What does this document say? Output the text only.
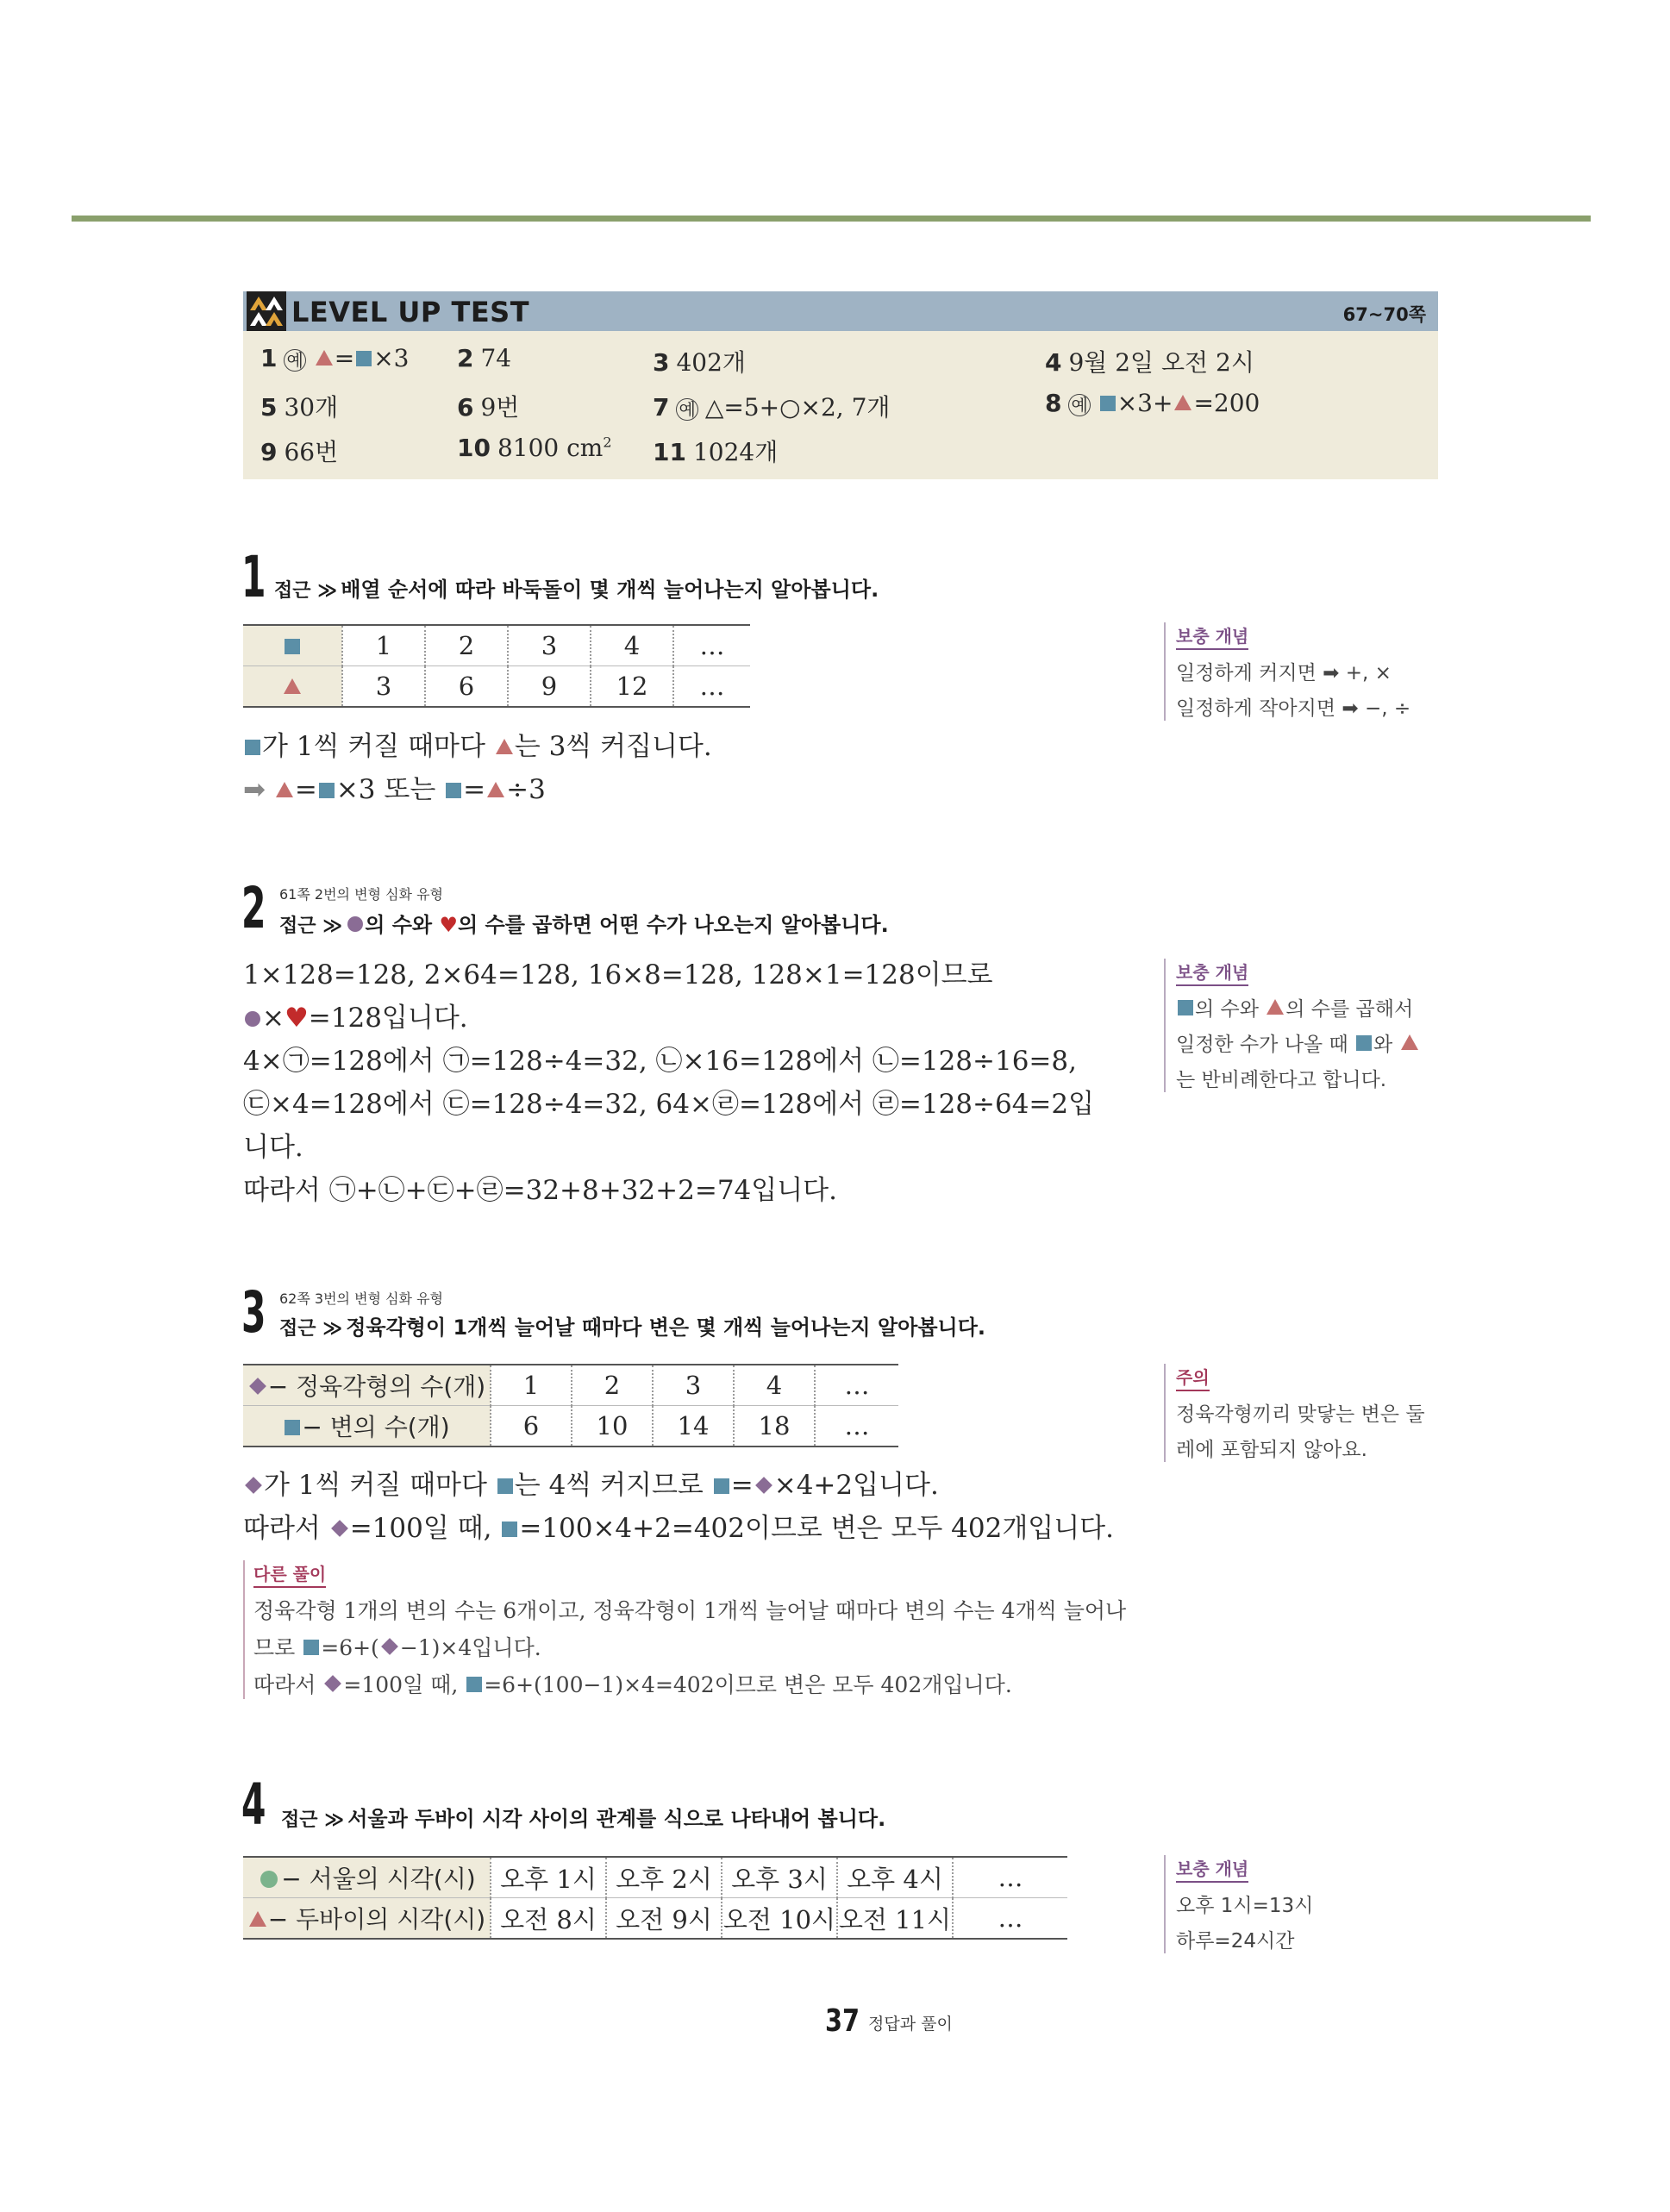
LEVEL UP TEST	67~70쪽
1 예 = ×3 2 74	3 402개	4 9월 2일 오전 2시
5 30개	6 9번	7 예 △=5+○×2, 7개	8 예 ×3+ =200
9 66번	10 8100 $cm^2$ 11 1024개
1 접근 ≫ 배열 순서에 따라 바둑돌이 몇 개씩 늘어나는지 알아봅니다.
	1	2	3	4	…
	3	6	9	12	…
가 1씩 커질 때마다 는 3씩 커집니다.
➡ = ×3 또는 = ÷3
보충 개념
일정하게 커지면 ➡ +, ×
일정하게 작아지면 ➡ −, ÷
61쪽 2번의 변형 심화 유형
2 접근 ≫ 의 수와 ♥의 수를 곱하면 어떤 수가 나오는지 알아봅니다.
1×128=128, 2×64=128, 16×8=128, 128×1=128이므로
×♥=128입니다.
4×㉠=128에서 ㉠=128÷4=32, ㉡×16=128에서 ㉡=128÷16=8,
㉢×4=128에서 ㉢=128÷4=32, 64×㉣=128에서 ㉣=128÷64=2입
니다.
따라서 ㉠+㉡+㉢+㉣=32+8+32+2=74입니다.
보충 개념
의 수와 의 수를 곱해서
일정한 수가 나올 때 와
는 반비례한다고 합니다.
62쪽 3번의 변형 심화 유형
3 접근 ≫ 정육각형이 1개씩 늘어날 때마다 변은 몇 개씩 늘어나는지 알아봅니다.
− 정육각형의 수(개)	1	2	3	4	…
− 변의 수(개)	6	10	14	18	…
가 1씩 커질 때마다 는 4씩 커지므로 = ×4+2입니다.
따라서 =100일 때, =100×4+2=402이므로 변은 모두 402개입니다.
주의
정육각형끼리 맞닿는 변은 둘
레에 포함되지 않아요.
다른 풀이
정육각형 1개의 변의 수는 6개이고, 정육각형이 1개씩 늘어날 때마다 변의 수는 4개씩 늘어나
므로 =6+( −1)×4입니다.
따라서 =100일 때, =6+(100−1)×4=402이므로 변은 모두 402개입니다.
4 접근 ≫ 서울과 두바이 시각 사이의 관계를 식으로 나타내어 봅니다.
− 서울의 시각(시)	오후 1시	오후 2시	오후 3시	오후 4시	…
− 두바이의 시각(시)	오전 8시	오전 9시	오전 10시	오전 11시	…
보충 개념
오후 1시=13시
하루=24시간
37 정답과 풀이
